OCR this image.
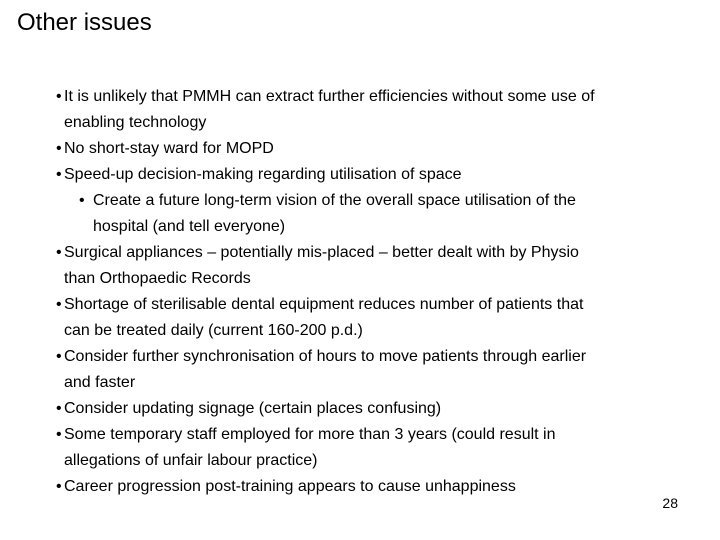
Other issues
• It is unlikely that PMMH can extract further efficiencies without some use of
enabling technology
• No short-stay ward for MOPD
• Speed-up decision-making regarding utilisation of space
• Create a future long-term vision of the overall space utilisation of the
hospital (and tell everyone)
• Surgical appliances – potentially mis-placed – better dealt with by Physio
than Orthopaedic Records
• Shortage of sterilisable dental equipment reduces number of patients that
can be treated daily (current 160-200 p.d.)
• Consider further synchronisation of hours to move patients through earlier
and faster
• Consider updating signage (certain places confusing)
• Some temporary staff employed for more than 3 years (could result in
allegations of unfair labour practice)
• Career progression post-training appears to cause unhappiness
28
